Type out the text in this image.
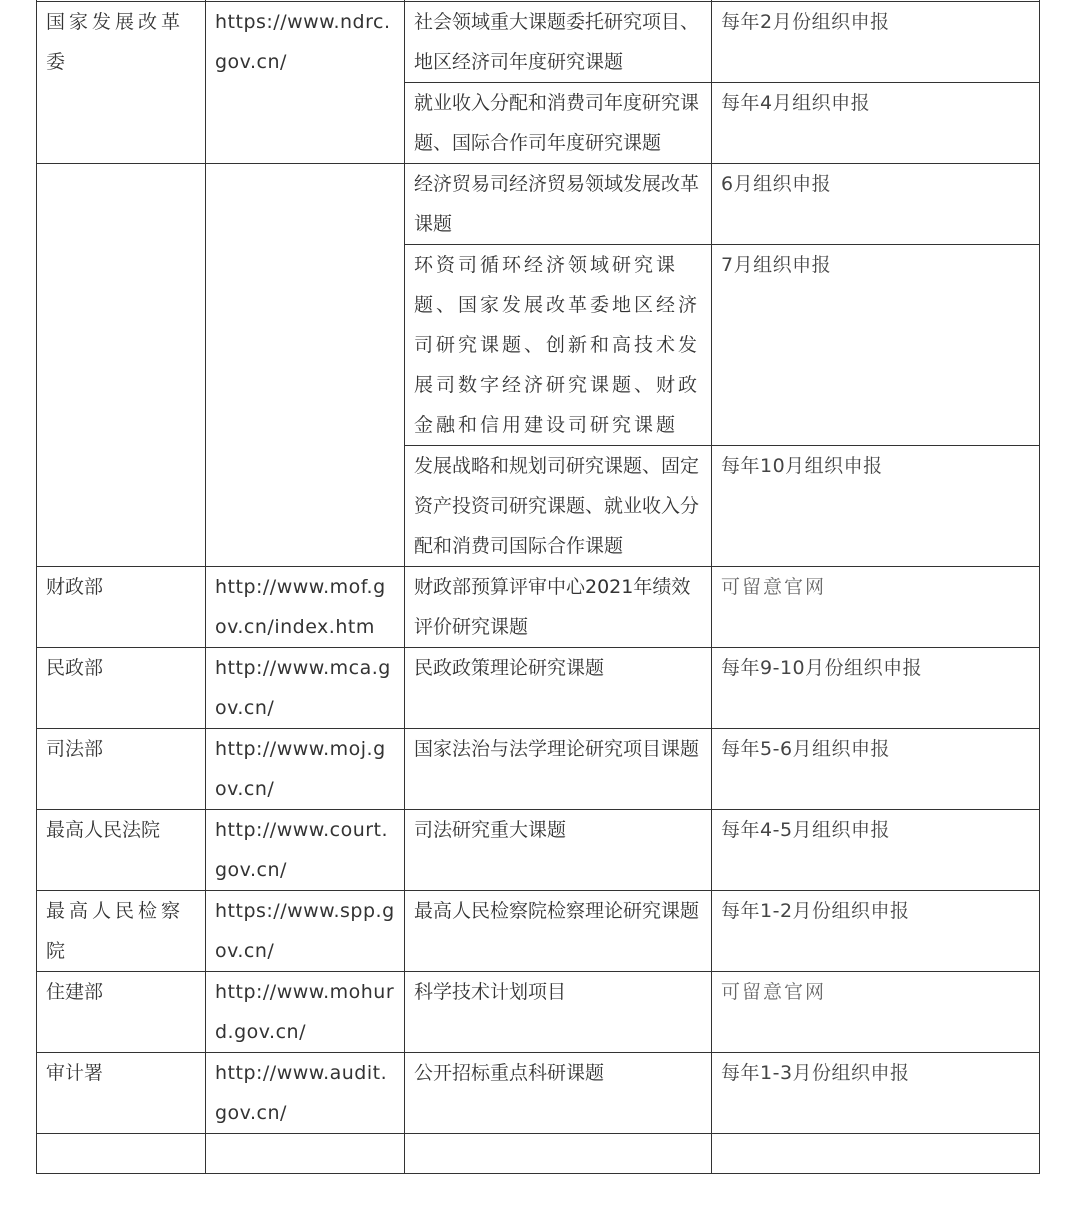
国家发展改革委	https://www.ndrc.gov.cn/	社会领域重大课题委托研究项目、地区经济司年度研究课题	每年2月份组织申报
		就业收入分配和消费司年度研究课题、国际合作司年度研究课题	每年4月组织申报
		经济贸易司经济贸易领域发展改革课题	6月组织申报
		环资司循环经济领域研究课题、国家发展改革委地区经济司研究课题、创新和高技术发展司数字经济研究课题、财政金融和信用建设司研究课题	7月组织申报
		发展战略和规划司研究课题、固定资产投资司研究课题、就业收入分配和消费司国际合作课题	每年10月组织申报
财政部	http://www.mof.gov.cn/index.htm	财政部预算评审中心2021年绩效评价研究课题	可留意官网
民政部	http://www.mca.gov.cn/	民政政策理论研究课题	每年9-10月份组织申报
司法部	http://www.moj.gov.cn/	国家法治与法学理论研究项目课题	每年5-6月组织申报
最高人民法院	http://www.court.gov.cn/	司法研究重大课题	每年4-5月组织申报
最高人民检察院	https://www.spp.gov.cn/	最高人民检察院检察理论研究课题	每年1-2月份组织申报
住建部	http://www.mohurd.gov.cn/	科学技术计划项目	可留意官网
审计署	http://www.audit.gov.cn/	公开招标重点科研课题	每年1-3月份组织申报
